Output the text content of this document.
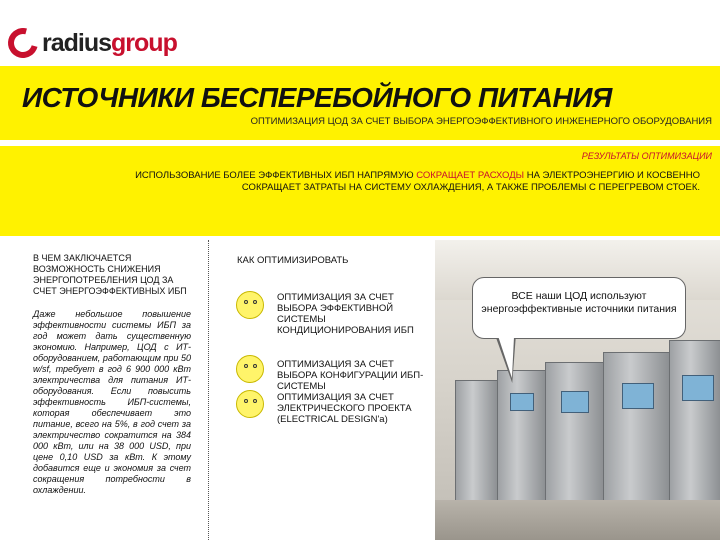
radiusgroup
ИСТОЧНИКИ БЕСПЕРЕБОЙНОГО ПИТАНИЯ
ОПТИМИЗАЦИЯ ЦОД ЗА СЧЕТ ВЫБОРА ЭНЕРГОЭФФЕКТИВНОГО ИНЖЕНЕРНОГО ОБОРУДОВАНИЯ
РЕЗУЛЬТАТЫ ОПТИМИЗАЦИИ
ИСПОЛЬЗОВАНИЕ БОЛЕЕ ЭФФЕКТИВНЫХ ИБП НАПРЯМУЮ СОКРАЩАЕТ РАСХОДЫ НА ЭЛЕКТРОЭНЕРГИЮ И КОСВЕННО СОКРАЩАЕТ ЗАТРАТЫ НА СИСТЕМУ ОХЛАЖДЕНИЯ, А ТАКЖЕ ПРОБЛЕМЫ С ПЕРЕГРЕВОМ СТОЕК.
В ЧЕМ ЗАКЛЮЧАЕТСЯ ВОЗМОЖНОСТЬ СНИЖЕНИЯ ЭНЕРГОПОТРЕБЛЕНИЯ ЦОД ЗА СЧЕТ ЭНЕРГОЭФФЕКТИВНЫХ ИБП
Даже небольшое повышение эффективности системы ИБП за год может дать существенную экономию. Например, ЦОД с ИТ-оборудованием, работающим при 50 w/sf, требует в год 6 900 000 кВт электричества для питания ИТ-оборудования. Если повысить эффективность ИБП-системы, которая обеспечивает это питание, всего на 5%, в год счет за электричество сократится на 384 000 кВт, или на 38 000 USD, при цене 0,10 USD за кВт. К этому добавится еще и экономия за счет сокращения потребности в охлаждении.
КАК ОПТИМИЗИРОВАТЬ
ОПТИМИЗАЦИЯ ЗА СЧЕТ ВЫБОРА ЭФФЕКТИВНОЙ СИСТЕМЫ КОНДИЦИОНИРОВАНИЯ ИБП
ОПТИМИЗАЦИЯ ЗА СЧЕТ ВЫБОРА КОНФИГУРАЦИИ ИБП-СИСТЕМЫ
ОПТИМИЗАЦИЯ ЗА СЧЕТ ЭЛЕКТРИЧЕСКОГО ПРОЕКТА (ELECTRICAL DESIGN'а)
ВСЕ наши ЦОД используют энергоэффективные источники питания
